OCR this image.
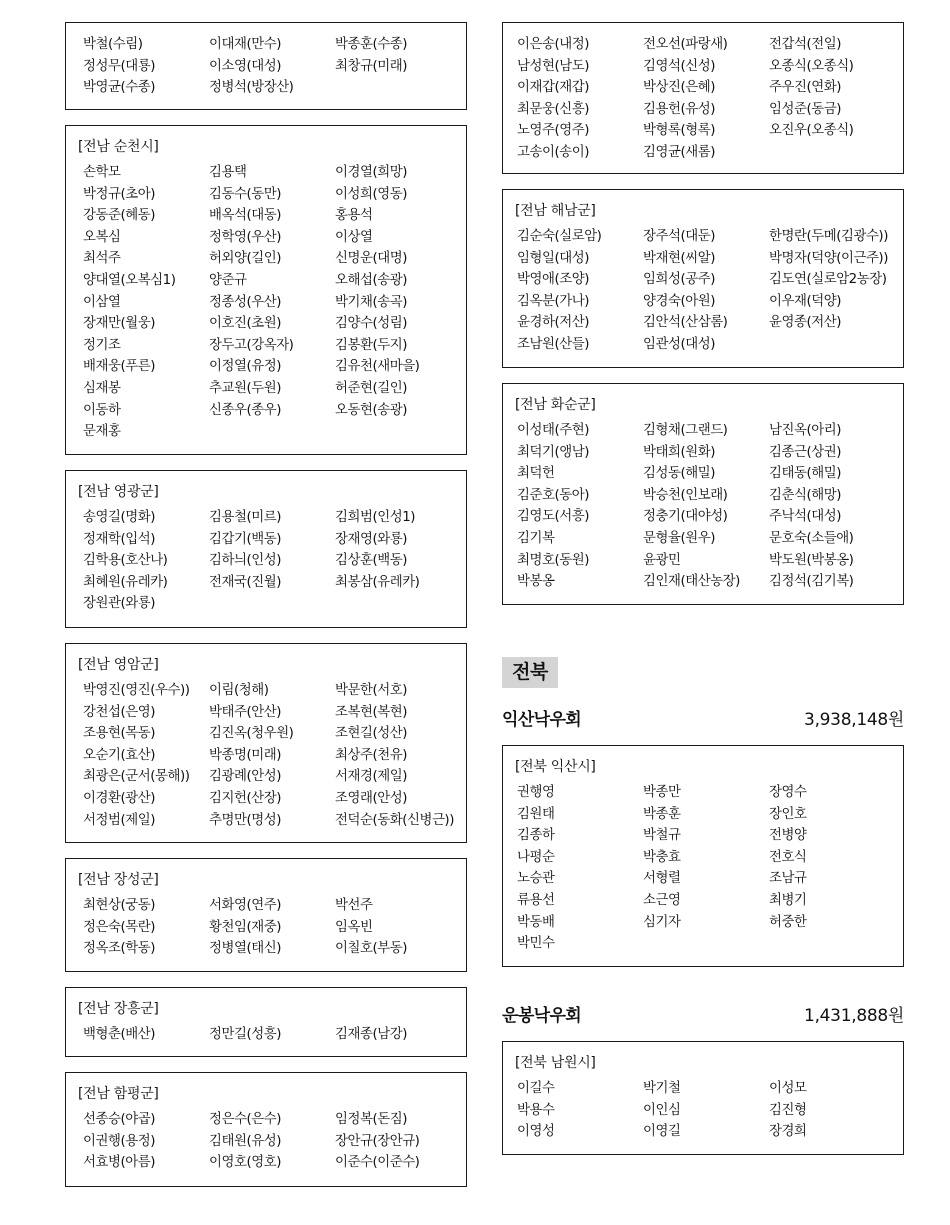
박철(수림)	이대재(만수)	박종훈(수종)
정성무(대룡)	이소영(대성)	최창규(미래)
박영균(수종)	정병석(방장산)
[전남 순천시]
손학모	김용택	이경열(희망)
박정규(초아)	김동수(동만)	이성희(영동)
강동준(혜동)	배옥석(대동)	홍용석
오복심	정학영(우산)	이상열
최석주	허외양(길인)	신명운(대명)
양대열(오복심1)	양준규	오해섭(송광)
이삼열	정종성(우산)	박기채(송곡)
장재만(월웅)	이호진(초원)	김양수(성림)
정기조	장두고(강옥자)	김봉환(두지)
배재웅(푸른)	이정열(유정)	김유천(새마을)
심재봉	추교원(두원)	허준현(길인)
이동하	신종우(종우)	오동현(송광)
문재홍
[전남 영광군]
송영길(명화)	김용철(미르)	김희범(인성1)
정재학(입석)	김갑기(백동)	장재영(와룡)
김학용(호산나)	김하늬(인성)	김상훈(백동)
최혜원(유레카)	전재국(진월)	최봉삼(유레카)
장원관(와룡)
[전남 영암군]
박영진(영진(우수))	이림(청해)	박문한(서호)
강천섭(은영)	박태주(안산)	조복현(복현)
조용현(목동)	김진옥(청우원)	조현길(성산)
오순기(효산)	박종명(미래)	최상주(천유)
최광은(군서(몽해))	김광례(안성)	서재경(제일)
이경환(광산)	김지헌(산장)	조영래(안성)
서정범(제일)	추명만(명성)	전덕순(동화(신병근))
[전남 장성군]
최현상(궁동)	서화영(연주)	박선주
정은숙(목란)	황천임(재중)	임옥빈
정옥조(학동)	정병열(태신)	이칠호(부동)
[전남 장흥군]
백형춘(배산)	정만길(성흥)	김재종(남강)
[전남 함평군]
선종승(야곱)	정은수(은수)	임정복(돈짐)
이권행(용정)	김태원(유성)	장안규(장안규)
서효병(아름)	이영호(영호)	이준수(이준수)
이은송(내정)	전오선(파랑새)	전갑석(전일)
남성현(남도)	김영석(신성)	오종식(오종식)
이재갑(재갑)	박상진(은혜)	주우진(연화)
최문웅(신흥)	김용헌(유성)	임성준(동금)
노영주(영주)	박형록(형록)	오진우(오종식)
고송이(송이)	김영균(새롬)
[전남 해남군]
김순숙(실로암)	장주석(대둔)	한명란(두메(김광수))
임형일(대성)	박재현(씨알)	박명자(덕양(이근주))
박영애(조양)	임희성(공주)	김도연(실로암2농장)
김옥분(가나)	양경숙(아원)	이우재(덕양)
윤경하(저산)	김안석(산삼롬)	윤영종(저산)
조남원(산들)	임관성(대성)
[전남 화순군]
이성태(주현)	김형채(그랜드)	남진옥(아리)
최덕기(앵남)	박태희(원화)	김종근(상권)
최덕헌	김성동(해밀)	김태동(해밀)
김준호(동아)	박승천(인보래)	김춘식(해망)
김영도(서흥)	정충기(대야성)	주낙석(대성)
김기복	문형율(원우)	문호숙(소들애)
최명호(동원)	윤광민	박도원(박봉옹)
박봉옹	김인재(태산농장)	김정석(김기복)
[전북 익산시]
권행영	박종만	장영수
김원태	박종훈	장인호
김종하	박철규	전병양
나평순	박충효	전호식
노승관	서형렬	조남규
류용선	소근영	최병기
박동배	심기자	허중한
박민수
[전북 남원시]
이길수	박기철	이성모
박용수	이인심	김진형
이영성	이영길	장경희
전북
익산낙우회	3,938,148원
운봉낙우회	1,431,888원
